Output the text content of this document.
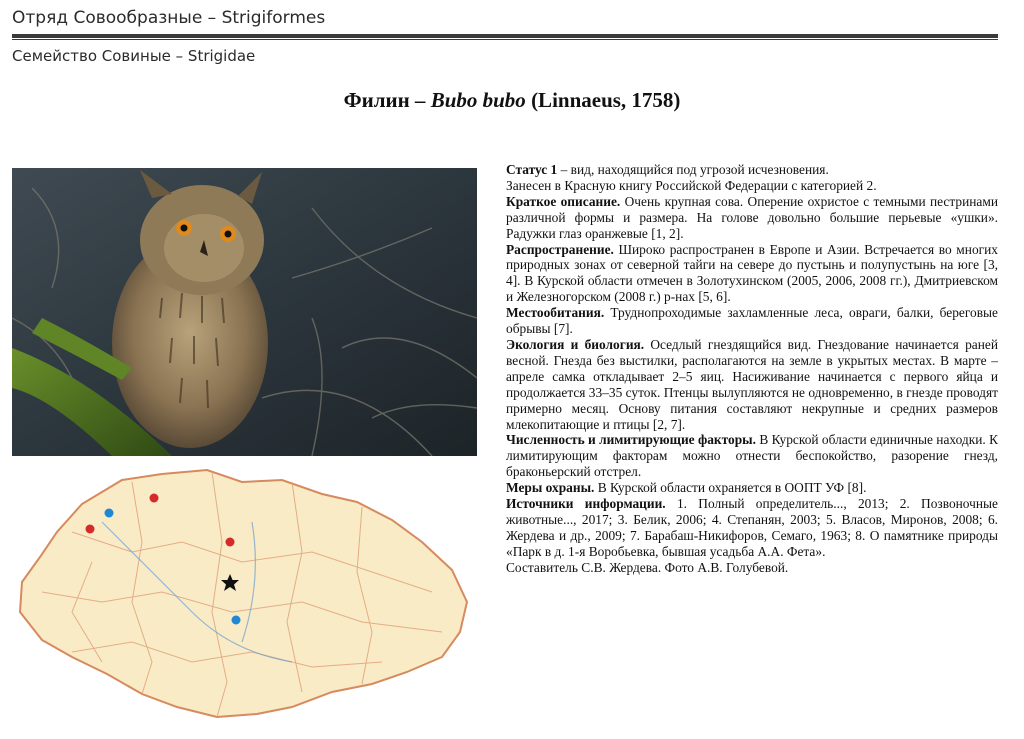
Отряд Совообразные – Strigiformes
Семейство Совиные – Strigidae
Филин – Bubo bubo (Linnaeus, 1758)

Статус 1 – вид, находящийся под угрозой исчезновения.

Занесен в Красную книгу Российской Федерации с категорией 2.

Краткое описание. Очень крупная сова. Оперение охристое с темными пестринами различной формы и размера. На голове довольно большие перьевые «ушки». Радужки глаз оранжевые [1, 2].

Распространение. Широко распространен в Европе и Азии. Встречается во многих природных зонах от северной тайги на севере до пустынь и полупустынь на юге [3, 4]. В Курской области отмечен в Золотухинском (2005, 2006, 2008 гг.), Дмитриевском и Железногорском (2008 г.) р-нах [5, 6].

Местообитания. Труднопроходимые захламленные леса, овраги, балки, береговые обрывы [7].

Экология и биология. Оседлый гнездящийся вид. Гнездование начинается раней весной. Гнезда без выстилки, располагаются на земле в укрытых местах. В марте – апреле самка откладывает 2–5 яиц. Насиживание начинается с первого яйца и продолжается 33–35 суток. Птенцы вылупляются не одновременно, в гнезде проводят примерно месяц. Основу питания составляют некрупные и средних размеров млекопитающие и птицы [2, 7].

Численность и лимитирующие факторы. В Курской области единичные находки. К лимитирующим факторам можно отнести беспокойство, разорение гнезд, браконьерский отстрел.

Меры охраны. В Курской области охраняется в ООПТ УФ [8].

Источники информации. 1. Полный определитель..., 2013; 2. Позвоночные животные..., 2017; 3. Белик, 2006; 4. Степанян, 2003; 5. Власов, Миронов, 2008; 6. Жердева и др., 2009; 7. Барабаш-Никифоров, Семаго, 1963; 8. О памятнике природы «Парк в д. 1-я Воробьевка, бывшая усадьба А.А. Фета».

Составитель С.В. Жердева. Фото А.В. Голубевой.
